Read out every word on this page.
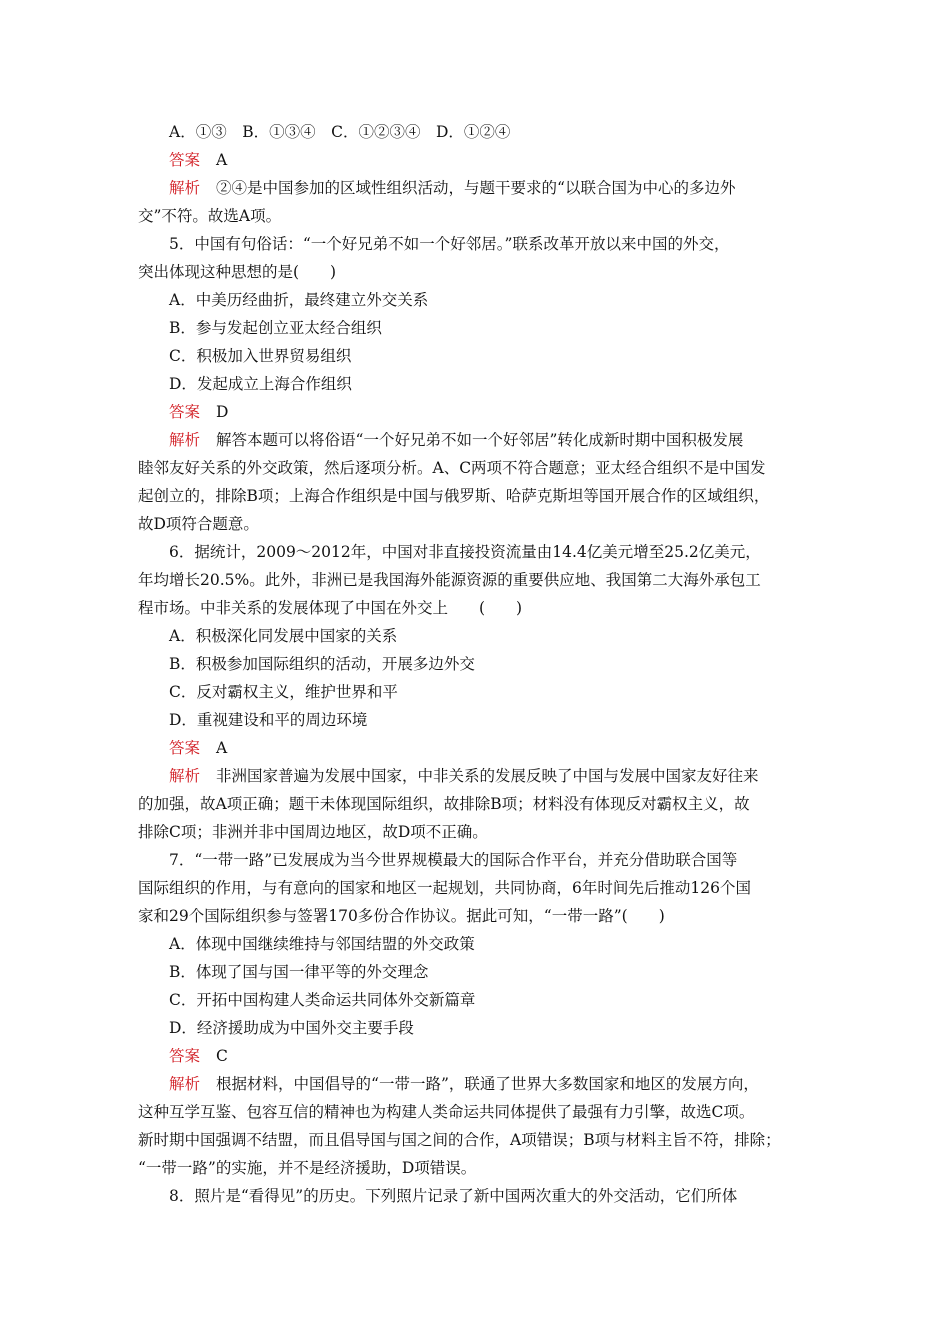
A．①③　B．①③④　C．①②③④　D．①②④
答案 A
解析 ②④是中国参加的区域性组织活动，与题干要求的“以联合国为中心的多边外
交”不符。故选A项。
5．中国有句俗话：“一个好兄弟不如一个好邻居。”联系改革开放以来中国的外交，
突出体现这种思想的是(　　)
A．中美历经曲折，最终建立外交关系
B．参与发起创立亚太经合组织
C．积极加入世界贸易组织
D．发起成立上海合作组织
答案 D
解析 解答本题可以将俗语“一个好兄弟不如一个好邻居”转化成新时期中国积极发展
睦邻友好关系的外交政策，然后逐项分析。A、C两项不符合题意；亚太经合组织不是中国发
起创立的，排除B项；上海合作组织是中国与俄罗斯、哈萨克斯坦等国开展合作的区域组织，
故D项符合题意。
6．据统计，2009～2012年，中国对非直接投资流量由14.4亿美元增至25.2亿美元，
年均增长20.5%。此外，非洲已是我国海外能源资源的重要供应地、我国第二大海外承包工
程市场。中非关系的发展体现了中国在外交上　　(　　)
A．积极深化同发展中国家的关系
B．积极参加国际组织的活动，开展多边外交
C．反对霸权主义，维护世界和平
D．重视建设和平的周边环境
答案 A
解析 非洲国家普遍为发展中国家，中非关系的发展反映了中国与发展中国家友好往来
的加强，故A项正确；题干未体现国际组织，故排除B项；材料没有体现反对霸权主义，故
排除C项；非洲并非中国周边地区，故D项不正确。
7．“一带一路”已发展成为当今世界规模最大的国际合作平台，并充分借助联合国等
国际组织的作用，与有意向的国家和地区一起规划，共同协商，6年时间先后推动126个国
家和29个国际组织参与签署170多份合作协议。据此可知，“一带一路”(　　)
A．体现中国继续维持与邻国结盟的外交政策
B．体现了国与国一律平等的外交理念
C．开拓中国构建人类命运共同体外交新篇章
D．经济援助成为中国外交主要手段
答案 C
解析 根据材料，中国倡导的“一带一路”，联通了世界大多数国家和地区的发展方向，
这种互学互鉴、包容互信的精神也为构建人类命运共同体提供了最强有力引擎，故选C项。
新时期中国强调不结盟，而且倡导国与国之间的合作，A项错误；B项与材料主旨不符，排除；
“一带一路”的实施，并不是经济援助，D项错误。
8．照片是“看得见”的历史。下列照片记录了新中国两次重大的外交活动，它们所体
